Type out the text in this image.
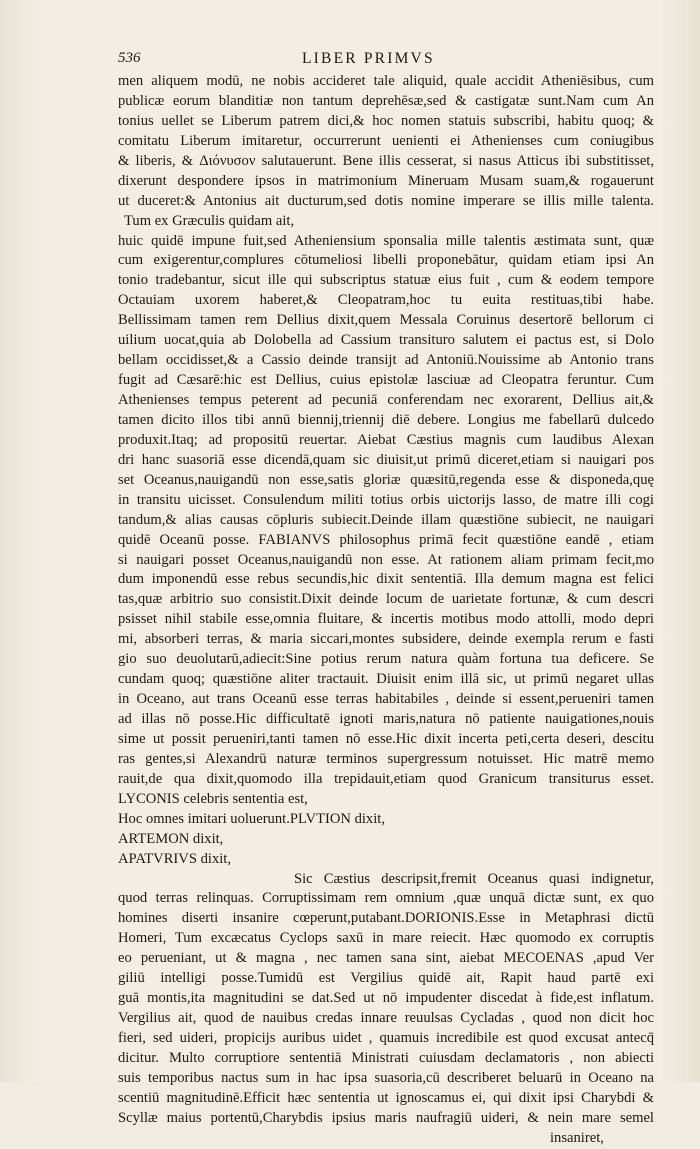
536	LIBER PRIMVS
men aliquem modū, ne nobis accideret tale aliquid, quale accidit Atheniēsibus, cum
publicæ eorum blanditiæ non tantum deprehēsæ,sed & castigatæ sunt.Nam cum An
tonius uellet se Liberum patrem dici,& hoc nomen statuis subscribi, habitu quoq; &
comitatu Liberum imitaretur, occurrerunt uenienti ei Athenienses cum coniugibus
& liberis, & Διόνυσον salutauerunt. Bene illis cesserat, si nasus Atticus ibi substitisset,
dixerunt despondere ipsos in matrimonium Mineruam Musam suam,& rogauerunt
ut duceret:& Antonius ait ducturum,sed dotis nomine imperare se illis mille talenta.
Tum ex Græculis quidam ait,
huic quidē impune fuit,sed Atheniensium sponsalia mille talentis æstimata sunt, quæ
cum exigerentur,complures cōtumeliosi libelli proponebātur, quidam etiam ipsi An
tonio tradebantur, sicut ille qui subscriptus statuæ eius fuit , cum & eodem tempore
Octauiam uxorem haberet,& Cleopatram,hoc tu euita restituas,tibi habe.
Bellissimam tamen rem Dellius dixit,quem Messala Coruinus desertorē bellorum ci
uilium uocat,quia ab Dolobella ad Cassium transituro salutem ei pactus est, si Dolo
bellam occidisset,& a Cassio deinde transijt ad Antoniū.Nouissime ab Antonio trans
fugit ad Cæsarē:hic est Dellius, cuius epistolæ lasciuæ ad Cleopatra feruntur. Cum
Athenienses tempus peterent ad pecuniā conferendam nec exorarent, Dellius ait,&
tamen dicito illos tibi annū biennij,triennij diē debere. Longius me fabellarū dulcedo
produxit.Itaq; ad propositū reuertar. Aiebat Cæstius magnis cum laudibus Alexan
dri hanc suasoriā esse dicendā,quam sic diuisit,ut primū diceret,etiam si nauigari pos
set Oceanus,nauigandū non esse,satis gloriæ quæsitū,regenda esse & disponeda,quę
in transitu uicisset. Consulendum militi totius orbis uictorijs lasso, de matre illi cogi
tandum,& alias causas cōpluris subiecit.Deinde illam quæstiōne subiecit, ne nauigari
quidē Oceanū posse. FABIANVS philosophus primā fecit quæstiōne eandē , etiam
si nauigari posset Oceanus,nauigandū non esse. At rationem aliam primam fecit,mo
dum imponendū esse rebus secundis,hic dixit sententiā. Illa demum magna est felici
tas,quæ arbitrio suo consistit.Dixit deinde locum de uarietate fortunæ, & cum descri
psisset nihil stabile esse,omnia fluitare, & incertis motibus modo attolli, modo depri
mi, absorberi terras, & maria siccari,montes subsidere, deinde exempla rerum e fasti
gio suo deuolutarū,adiecit:Sine potius rerum natura quàm fortuna tua deficere. Se
cundam quoq; quæstiōne aliter tractauit. Diuisit enim illā sic, ut primū negaret ullas
in Oceano, aut trans Oceanū esse terras habitabiles , deinde si essent,perueniri tamen
ad illas nō posse.Hic difficultatē ignoti maris,natura nō patiente nauigationes,nouis
sime ut possit perueniri,tanti tamen nō esse.Hic dixit incerta peti,certa deseri, descitu
ras gentes,si Alexandrū naturæ terminos supergressum notuisset. Hic matrē memo
rauit,de qua dixit,quomodo illa trepidauit,etiam quod Granicum transiturus esset.
LYCONIS celebris sententia est,
Hoc omnes imitari uoluerunt.PLVTION dixit,
ARTEMON dixit,
APATVRIVS dixit,
Sic Cæstius descripsit,fremit Oceanus quasi indignetur,
quod terras relinquas. Corruptissimam rem omnium ,quæ unquā dictæ sunt, ex quo
homines diserti insanire cœperunt,putabant.DORIONIS.Esse in Metaphrasi dictū
Homeri, Tum excæcatus Cyclops saxū in mare reiecit. Hæc quomodo ex corruptis
eo perueniant, ut & magna , nec tamen sana sint, aiebat MECOENAS ,apud Ver
giliū intelligi posse.Tumidū est Vergilius quidē ait, Rapit haud partē exi
guā montis,ita magnitudini se dat.Sed ut nō impudenter discedat à fide,est inflatum.
Vergilius ait, quod de nauibus credas innare reuulsas Cycladas , quod non dicit hoc
fieri, sed uideri, propicijs auribus uidet , quamuis incredibile est quod excusat antecq̄
dicitur. Multo corruptiore sententiā Ministrati cuiusdam declamatoris , non abiecti
suis temporibus nactus sum in hac ipsa suasoria,cū describeret beluarū in Oceano na
scentiū magnitudinē.Efficit hæc sententia ut ignoscamus ei, qui dixit ipsi Charybdi &
Scyllæ maius portentū,Charybdis ipsius maris naufragiū uideri, & nein mare semel
insaniret,
